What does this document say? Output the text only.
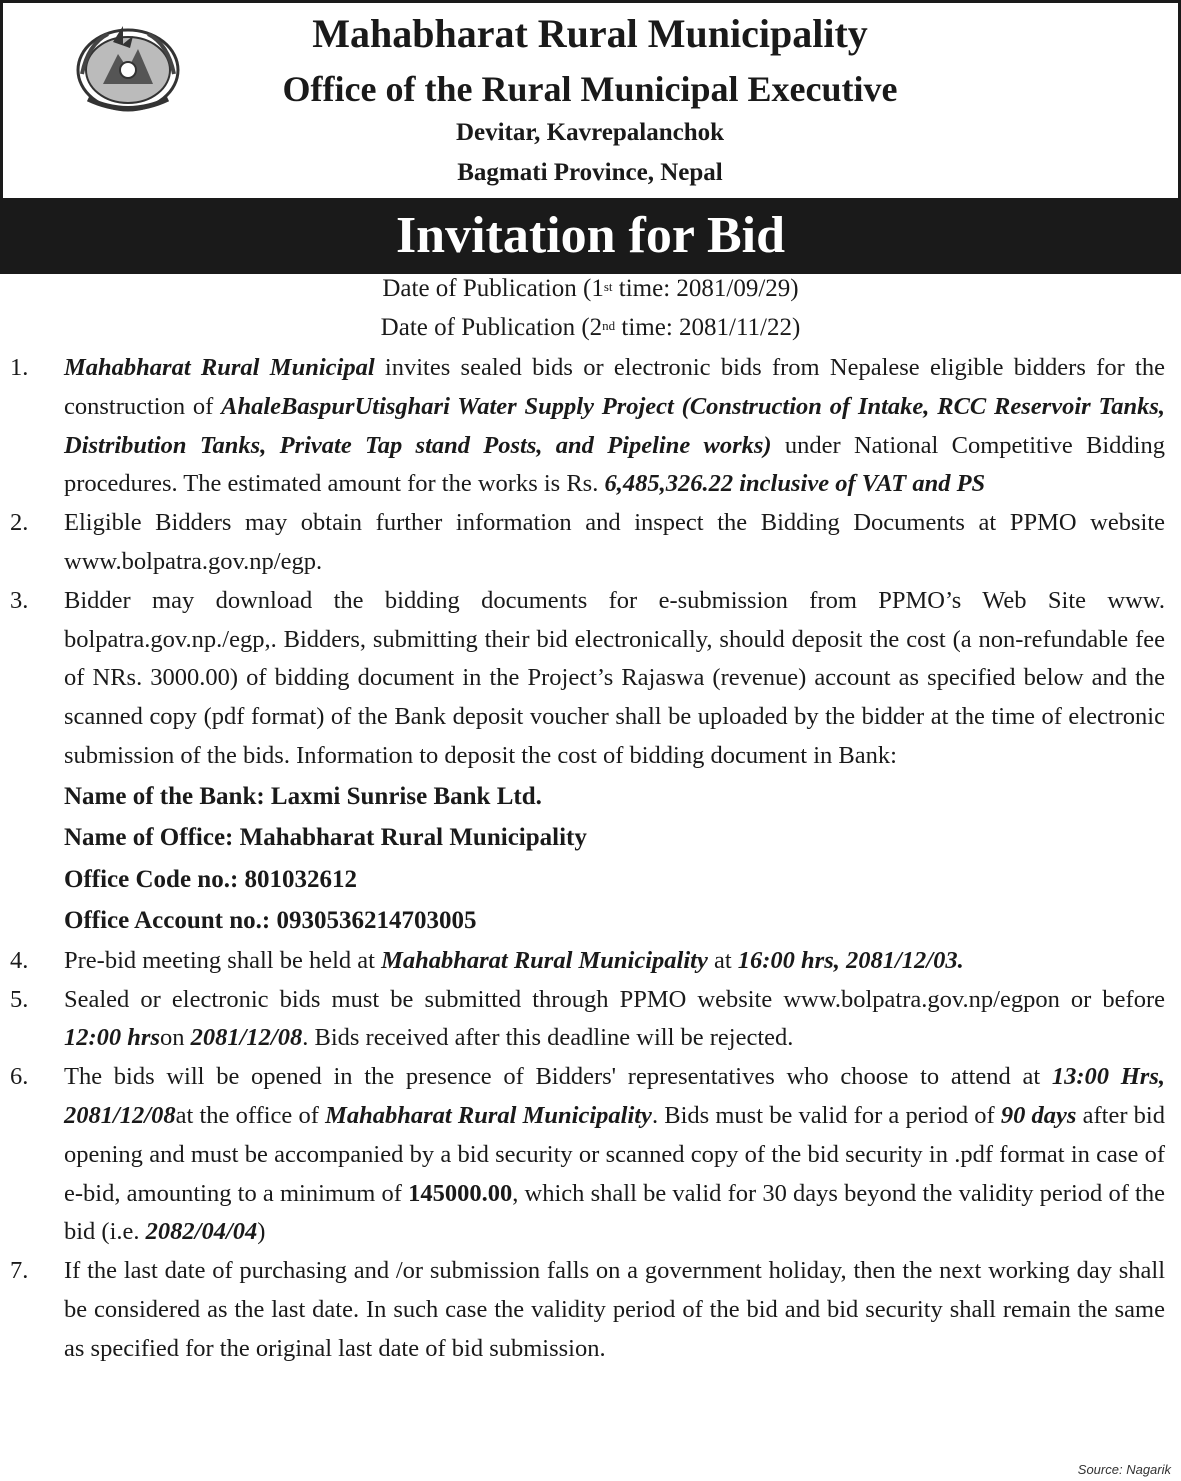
Mahabharat Rural Municipality
Office of the Rural Municipal Executive
Devitar, Kavrepalanchok
Bagmati Province, Nepal
Invitation for Bid
Date of Publication (1st time: 2081/09/29)
Date of Publication (2nd time: 2081/11/22)
1. Mahabharat Rural Municipal invites sealed bids or electronic bids from Nepalese eligible bidders for the construction of AhaleBaspurUtisghari Water Supply Project (Construction of Intake, RCC Reservoir Tanks, Distribution Tanks, Private Tap stand Posts, and Pipeline works) under National Competitive Bidding procedures. The estimated amount for the works is Rs. 6,485,326.22 inclusive of VAT and PS
2. Eligible Bidders may obtain further information and inspect the Bidding Documents at PPMO website www.bolpatra.gov.np/egp.
3. Bidder may download the bidding documents for e-submission from PPMO’s Web Site www. bolpatra.gov.np./egp,. Bidders, submitting their bid electronically, should deposit the cost (a non-refundable fee of NRs. 3000.00) of bidding document in the Project’s Rajaswa (revenue) account as specified below and the scanned copy (pdf format) of the Bank deposit voucher shall be uploaded by the bidder at the time of electronic submission of the bids. Information to deposit the cost of bidding document in Bank:
Name of the Bank: Laxmi Sunrise Bank Ltd.
Name of Office: Mahabharat Rural Municipality
Office Code no.: 801032612
Office Account no.: 0930536214703005
4. Pre-bid meeting shall be held at Mahabharat Rural Municipality at 16:00 hrs, 2081/12/03.
5. Sealed or electronic bids must be submitted through PPMO website www.bolpatra.gov.np/egpon or before 12:00 hrson 2081/12/08. Bids received after this deadline will be rejected.
6. The bids will be opened in the presence of Bidders' representatives who choose to attend at 13:00 Hrs, 2081/12/08at the office of Mahabharat Rural Municipality. Bids must be valid for a period of 90 days after bid opening and must be accompanied by a bid security or scanned copy of the bid security in .pdf format in case of e-bid, amounting to a minimum of 145000.00, which shall be valid for 30 days beyond the validity period of the bid (i.e. 2082/04/04)
7. If the last date of purchasing and /or submission falls on a government holiday, then the next working day shall be considered as the last date. In such case the validity period of the bid and bid security shall remain the same as specified for the original last date of bid submission.
Source: Nagarik
